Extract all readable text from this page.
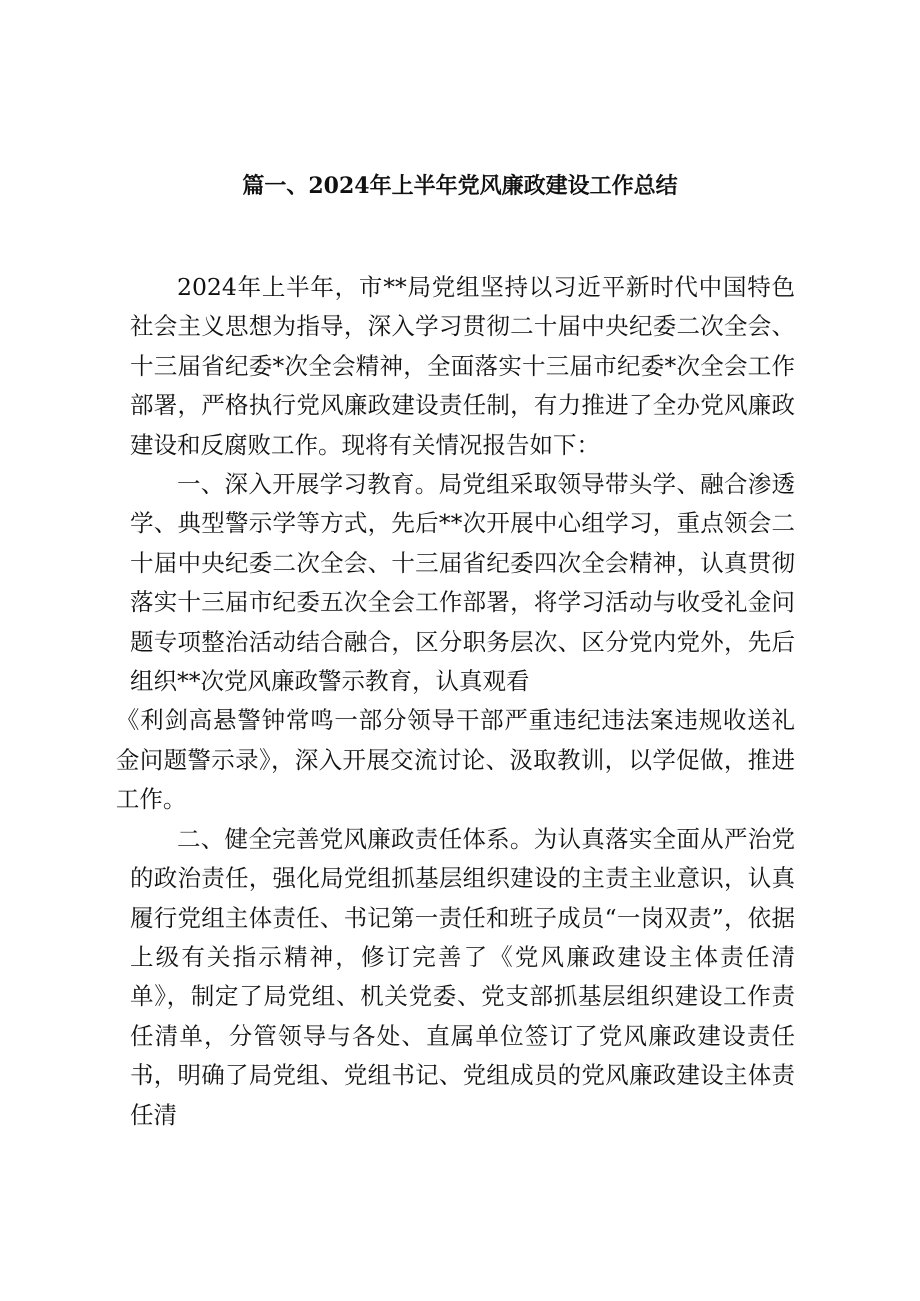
篇一、2024年上半年党风廉政建设工作总结

2024年上半年，市**局党组坚持以习近平新时代中国特色社会主义思想为指导，深入学习贯彻二十届中央纪委二次全会、十三届省纪委*次全会精神，全面落实十三届市纪委*次全会工作部署，严格执行党风廉政建设责任制，有力推进了全办党风廉政建设和反腐败工作。现将有关情况报告如下：

一、深入开展学习教育。局党组采取领导带头学、融合渗透学、典型警示学等方式，先后**次开展中心组学习，重点领会二十届中央纪委二次全会、十三届省纪委四次全会精神，认真贯彻落实十三届市纪委五次全会工作部署，将学习活动与收受礼金问题专项整治活动结合融合，区分职务层次、区分党内党外，先后组织**次党风廉政警示教育，认真观看

《利剑高悬警钟常鸣一部分领导干部严重违纪违法案违规收送礼金问题警示录》，深入开展交流讨论、汲取教训，以学促做，推进工作。

二、健全完善党风廉政责任体系。为认真落实全面从严治党的政治责任，强化局党组抓基层组织建设的主责主业意识，认真履行党组主体责任、书记第一责任和班子成员“一岗双责”，依据上级有关指示精神，修订完善了《党风廉政建设主体责任清单》，制定了局党组、机关党委、党支部抓基层组织建设工作责任清单，分管领导与各处、直属单位签订了党风廉政建设责任书，明确了局党组、党组书记、党组成员的党风廉政建设主体责任清
